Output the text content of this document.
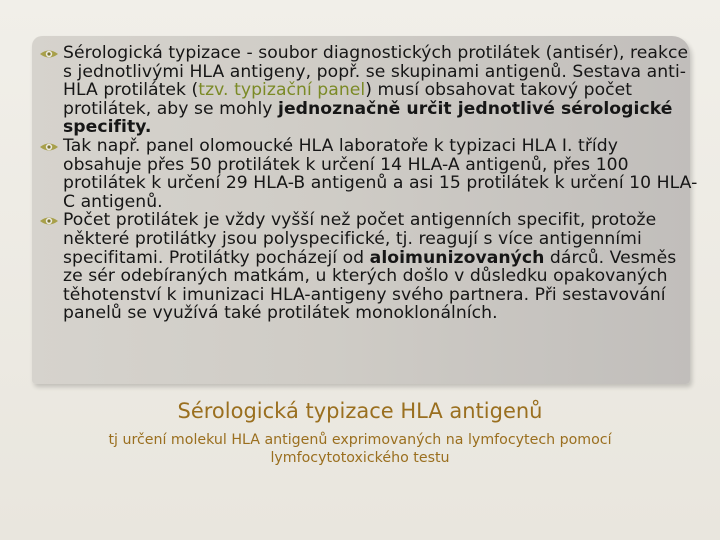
Sérologická typizace - soubor diagnostických protilátek (antisér), reakce s jednotlivými HLA antigeny, popř. se skupinami antigenů. Sestava anti-HLA protilátek (tzv. typizační panel) musí obsahovat takový počet protilátek, aby se mohly jednoznačně určit jednotlivé sérologické specifity.
Tak např. panel olomoucké HLA laboratoře k typizaci HLA I. třídy obsahuje přes 50 protilátek k určení 14 HLA-A antigenů, přes 100 protilátek k určení 29 HLA-B antigenů a asi 15 protilátek k určení 10 HLA-C antigenů.
Počet protilátek je vždy vyšší než počet antigenních specifit, protože některé protilátky jsou polyspecifické, tj. reagují s více antigenními specifitami. Protilátky pocházejí od aloimunizovaných dárců. Vesměs ze sér odebíraných matkám, u kterých došlo v důsledku opakovaných těhotenství k imunizaci HLA-antigeny svého partnera. Při sestavování panelů se využívá také protilátek monoklonálních.
Sérologická typizace HLA antigenů

tj určení molekul HLA antigenů exprimovaných na lymfocytech pomocí lymfocytotoxického testu
